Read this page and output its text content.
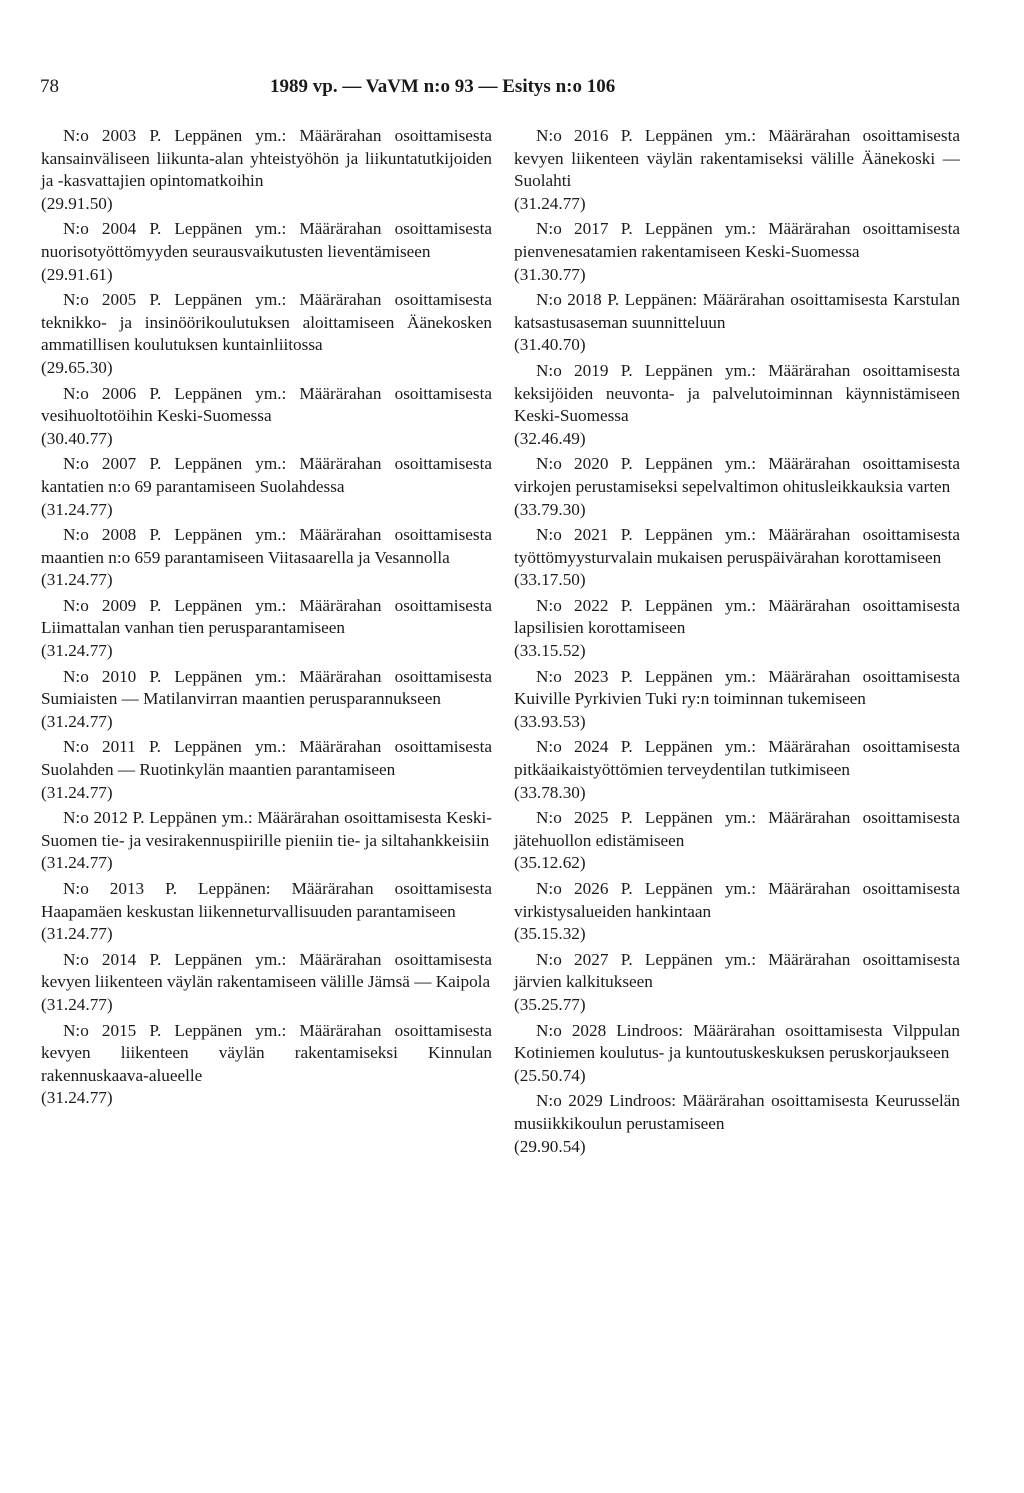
78	1989 vp. — VaVM n:o 93 — Esitys n:o 106
N:o 2003 P. Leppänen ym.: Määrärahan osoittamisesta kansainväliseen liikunta-alan yhteistyöhön ja liikuntatutkijoiden ja -kasvattajien opintomatkoihin
(29.91.50)
N:o 2004 P. Leppänen ym.: Määrärahan osoittamisesta nuorisotyöttömyyden seurausvaikutusten lieventämiseen
(29.91.61)
N:o 2005 P. Leppänen ym.: Määrärahan osoittamisesta teknikko- ja insinöörikoulutuksen aloittamiseen Äänekosken ammatillisen koulutuksen kuntainliitossa
(29.65.30)
N:o 2006 P. Leppänen ym.: Määrärahan osoittamisesta vesihuoltotöihin Keski-Suomessa
(30.40.77)
N:o 2007 P. Leppänen ym.: Määrärahan osoittamisesta kantatien n:o 69 parantamiseen Suolahdessa
(31.24.77)
N:o 2008 P. Leppänen ym.: Määrärahan osoittamisesta maantien n:o 659 parantamiseen Viitasaarella ja Vesannolla
(31.24.77)
N:o 2009 P. Leppänen ym.: Määrärahan osoittamisesta Liimattalan vanhan tien perusparantamiseen
(31.24.77)
N:o 2010 P. Leppänen ym.: Määrärahan osoittamisesta Sumiaisten — Matilanvirran maantien perusparannukseen
(31.24.77)
N:o 2011 P. Leppänen ym.: Määrärahan osoittamisesta Suolahden — Ruotinkylän maantien parantamiseen
(31.24.77)
N:o 2012 P. Leppänen ym.: Määrärahan osoittamisesta Keski-Suomen tie- ja vesirakennuspiirille pieniin tie- ja siltahankkeisiin
(31.24.77)
N:o 2013 P. Leppänen: Määrärahan osoittamisesta Haapamäen keskustan liikenneturvallisuuden parantamiseen
(31.24.77)
N:o 2014 P. Leppänen ym.: Määrärahan osoittamisesta kevyen liikenteen väylän rakentamiseen välille Jämsä — Kaipola
(31.24.77)
N:o 2015 P. Leppänen ym.: Määrärahan osoittamisesta kevyen liikenteen väylän rakentamiseksi Kinnulan rakennuskaava-alueelle
(31.24.77)
N:o 2016 P. Leppänen ym.: Määrärahan osoittamisesta kevyen liikenteen väylän rakentamiseksi välille Äänekoski — Suolahti
(31.24.77)
N:o 2017 P. Leppänen ym.: Määrärahan osoittamisesta pienvenesatamien rakentamiseen Keski-Suomessa
(31.30.77)
N:o 2018 P. Leppänen: Määrärahan osoittamisesta Karstulan katsastusaseman suunnitteluun
(31.40.70)
N:o 2019 P. Leppänen ym.: Määrärahan osoittamisesta keksijöiden neuvonta- ja palvelutoiminnan käynnistämiseen Keski-Suomessa
(32.46.49)
N:o 2020 P. Leppänen ym.: Määrärahan osoittamisesta virkojen perustamiseksi sepelvaltimon ohitusleikkauksia varten
(33.79.30)
N:o 2021 P. Leppänen ym.: Määrärahan osoittamisesta työttömyysturvalain mukaisen peruspäivärahan korottamiseen
(33.17.50)
N:o 2022 P. Leppänen ym.: Määrärahan osoittamisesta lapsilisien korottamiseen
(33.15.52)
N:o 2023 P. Leppänen ym.: Määrärahan osoittamisesta Kuiville Pyrkivien Tuki ry:n toiminnan tukemiseen
(33.93.53)
N:o 2024 P. Leppänen ym.: Määrärahan osoittamisesta pitkäaikaistyöttömien terveydentilan tutkimiseen
(33.78.30)
N:o 2025 P. Leppänen ym.: Määrärahan osoittamisesta jätehuollon edistämiseen
(35.12.62)
N:o 2026 P. Leppänen ym.: Määrärahan osoittamisesta virkistysalueiden hankintaan
(35.15.32)
N:o 2027 P. Leppänen ym.: Määrärahan osoittamisesta järvien kalkitukseen
(35.25.77)
N:o 2028 Lindroos: Määrärahan osoittamisesta Vilppulan Kotiniemen koulutus- ja kuntoutuskeskuksen peruskorjaukseen
(25.50.74)
N:o 2029 Lindroos: Määrärahan osoittamisesta Keurusselän musiikkikoulun perustamiseen
(29.90.54)
